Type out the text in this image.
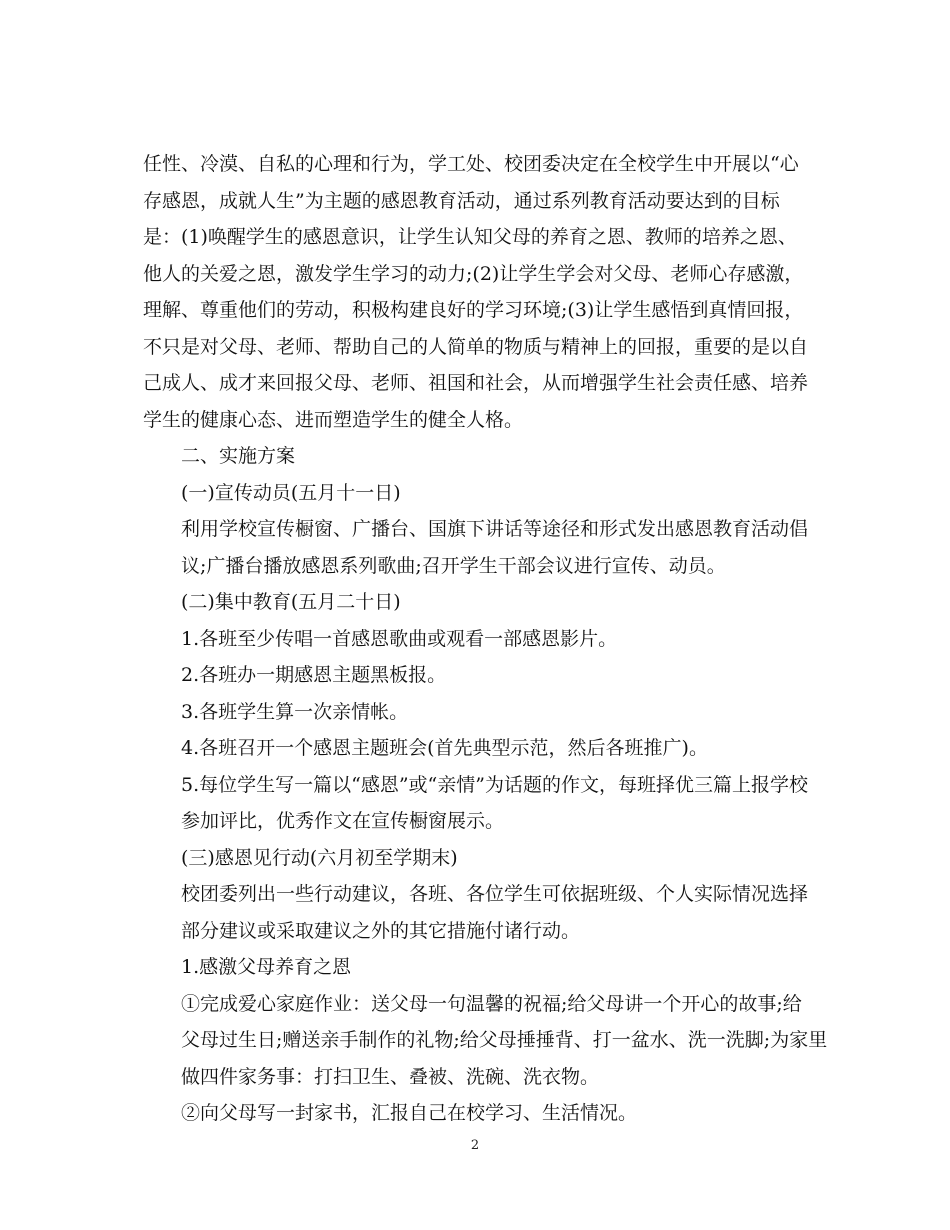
任性、冷漠、自私的心理和行为，学工处、校团委决定在全校学生中开展以“心
存感恩，成就人生”为主题的感恩教育活动，通过系列教育活动要达到的目标
是：(1)唤醒学生的感恩意识，让学生认知父母的养育之恩、教师的培养之恩、
他人的关爱之恩，激发学生学习的动力;(2)让学生学会对父母、老师心存感激，
理解、尊重他们的劳动，积极构建良好的学习环境;(3)让学生感悟到真情回报，
不只是对父母、老师、帮助自己的人简单的物质与精神上的回报，重要的是以自
己成人、成才来回报父母、老师、祖国和社会，从而增强学生社会责任感、培养
学生的健康心态、进而塑造学生的健全人格。
二、实施方案
(一)宣传动员(五月十一日)
利用学校宣传橱窗、广播台、国旗下讲话等途径和形式发出感恩教育活动倡
议;广播台播放感恩系列歌曲;召开学生干部会议进行宣传、动员。
(二)集中教育(五月二十日)
1.各班至少传唱一首感恩歌曲或观看一部感恩影片。
2.各班办一期感恩主题黑板报。
3.各班学生算一次亲情帐。
4.各班召开一个感恩主题班会(首先典型示范，然后各班推广)。
5.每位学生写一篇以“感恩”或“亲情”为话题的作文，每班择优三篇上报学校
参加评比，优秀作文在宣传橱窗展示。
(三)感恩见行动(六月初至学期末)
校团委列出一些行动建议，各班、各位学生可依据班级、个人实际情况选择
部分建议或采取建议之外的其它措施付诸行动。
1.感激父母养育之恩
①完成爱心家庭作业：送父母一句温馨的祝福;给父母讲一个开心的故事;给
父母过生日;赠送亲手制作的礼物;给父母捶捶背、打一盆水、洗一洗脚;为家里
做四件家务事：打扫卫生、叠被、洗碗、洗衣物。
②向父母写一封家书，汇报自己在校学习、生活情况。
2
